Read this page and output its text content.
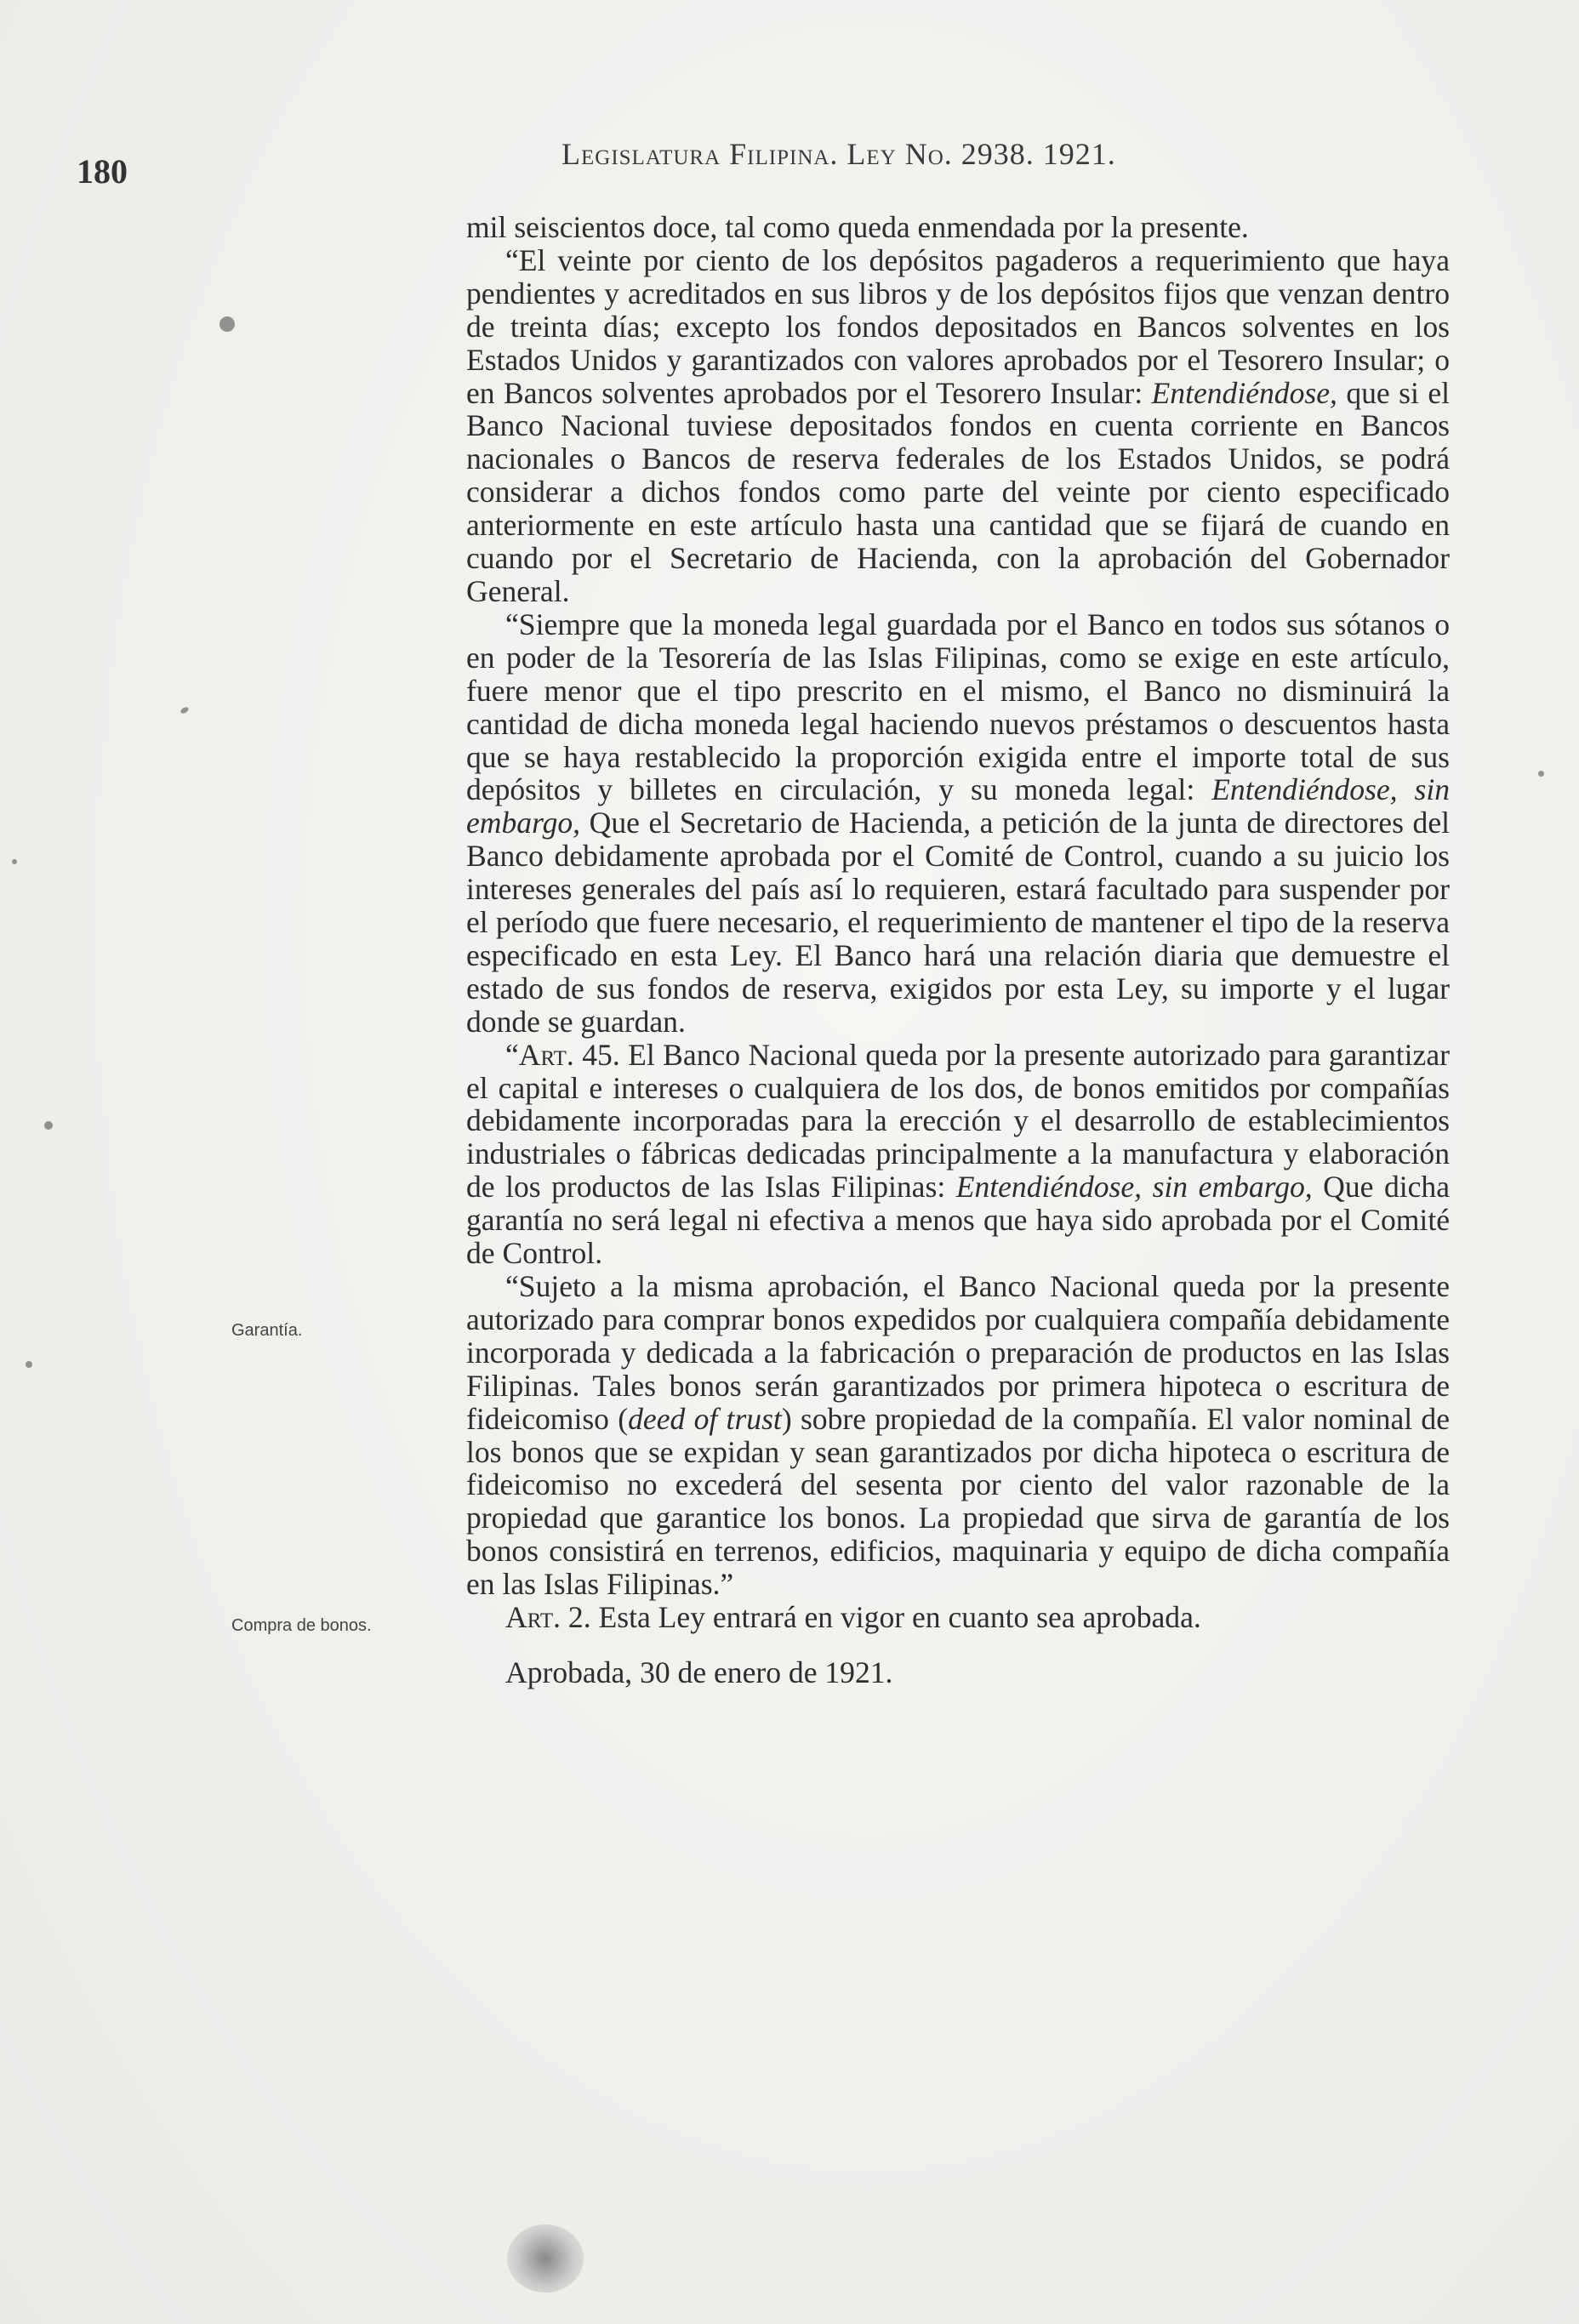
180	Legislatura Filipina. Ley No. 2938. 1921.
Garantía.
Compra de bonos.

mil seiscientos doce, tal como queda enmendada por la presente.

“El veinte por ciento de los depósitos pagaderos a requerimiento que haya pendientes y acreditados en sus libros y de los depósitos fijos que venzan dentro de treinta días; excepto los fondos depositados en Bancos solventes en los Estados Unidos y garantizados con valores aprobados por el Tesorero Insular; o en Bancos solventes aprobados por el Tesorero Insular: Entendiéndose, que si el Banco Nacional tuviese depositados fondos en cuenta corriente en Bancos nacionales o Bancos de reserva federales de los Estados Unidos, se podrá considerar a dichos fondos como parte del veinte por ciento especificado anteriormente en este artículo hasta una cantidad que se fijará de cuando en cuando por el Secretario de Hacienda, con la aprobación del Gobernador General.

“Siempre que la moneda legal guardada por el Banco en todos sus sótanos o en poder de la Tesorería de las Islas Filipinas, como se exige en este artículo, fuere menor que el tipo prescrito en el mismo, el Banco no disminuirá la cantidad de dicha moneda legal haciendo nuevos préstamos o descuentos hasta que se haya restablecido la proporción exigida entre el importe total de sus depósitos y billetes en circulación, y su moneda legal: Entendiéndose, sin embargo, Que el Secretario de Hacienda, a petición de la junta de directores del Banco debidamente aprobada por el Comité de Control, cuando a su juicio los intereses generales del país así lo requieren, estará facultado para suspender por el período que fuere necesario, el requerimiento de mantener el tipo de la reserva especificado en esta Ley. El Banco hará una relación diaria que demuestre el estado de sus fondos de reserva, exigidos por esta Ley, su importe y el lugar donde se guardan.

“Art. 45. El Banco Nacional queda por la presente autorizado para garantizar el capital e intereses o cualquiera de los dos, de bonos emitidos por compañías debidamente incorporadas para la erección y el desarrollo de establecimientos industriales o fábricas dedicadas principalmente a la manufactura y elaboración de los productos de las Islas Filipinas: Entendiéndose, sin embargo, Que dicha garantía no será legal ni efectiva a menos que haya sido aprobada por el Comité de Control.

“Sujeto a la misma aprobación, el Banco Nacional queda por la presente autorizado para comprar bonos expedidos por cualquiera compañía debidamente incorporada y dedicada a la fabricación o preparación de productos en las Islas Filipinas. Tales bonos serán garantizados por primera hipoteca o escritura de fideicomiso (deed of trust) sobre propiedad de la compañía. El valor nominal de los bonos que se expidan y sean garantizados por dicha hipoteca o escritura de fideicomiso no excederá del sesenta por ciento del valor razonable de la propiedad que garantice los bonos. La propiedad que sirva de garantía de los bonos consistirá en terrenos, edificios, maquinaria y equipo de dicha compañía en las Islas Filipinas.”

Art. 2. Esta Ley entrará en vigor en cuanto sea aprobada.

Aprobada, 30 de enero de 1921.
